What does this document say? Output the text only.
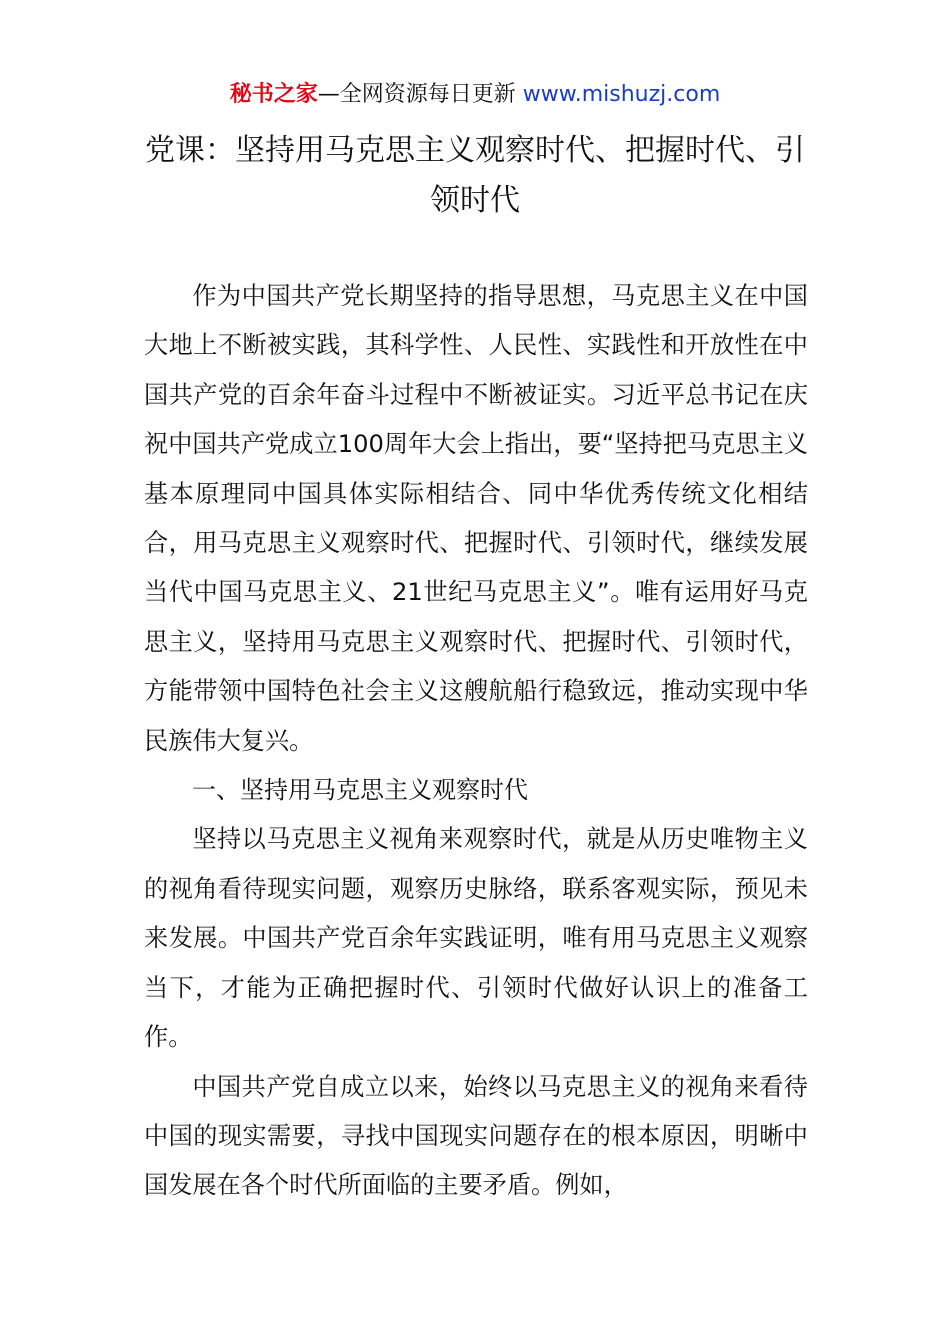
秘书之家—全网资源每日更新 www.mishuzj.com
党课：坚持用马克思主义观察时代、把握时代、引领时代

作为中国共产党长期坚持的指导思想，马克思主义在中国大地上不断被实践，其科学性、人民性、实践性和开放性在中国共产党的百余年奋斗过程中不断被证实。习近平总书记在庆祝中国共产党成立100周年大会上指出，要“坚持把马克思主义基本原理同中国具体实际相结合、同中华优秀传统文化相结合，用马克思主义观察时代、把握时代、引领时代，继续发展当代中国马克思主义、21世纪马克思主义”。唯有运用好马克思主义，坚持用马克思主义观察时代、把握时代、引领时代，方能带领中国特色社会主义这艘航船行稳致远，推动实现中华民族伟大复兴。

一、坚持用马克思主义观察时代

坚持以马克思主义视角来观察时代，就是从历史唯物主义的视角看待现实问题，观察历史脉络，联系客观实际，预见未来发展。中国共产党百余年实践证明，唯有用马克思主义观察当下，才能为正确把握时代、引领时代做好认识上的准备工作。

中国共产党自成立以来，始终以马克思主义的视角来看待中国的现实需要，寻找中国现实问题存在的根本原因，明晰中国发展在各个时代所面临的主要矛盾。例如，
